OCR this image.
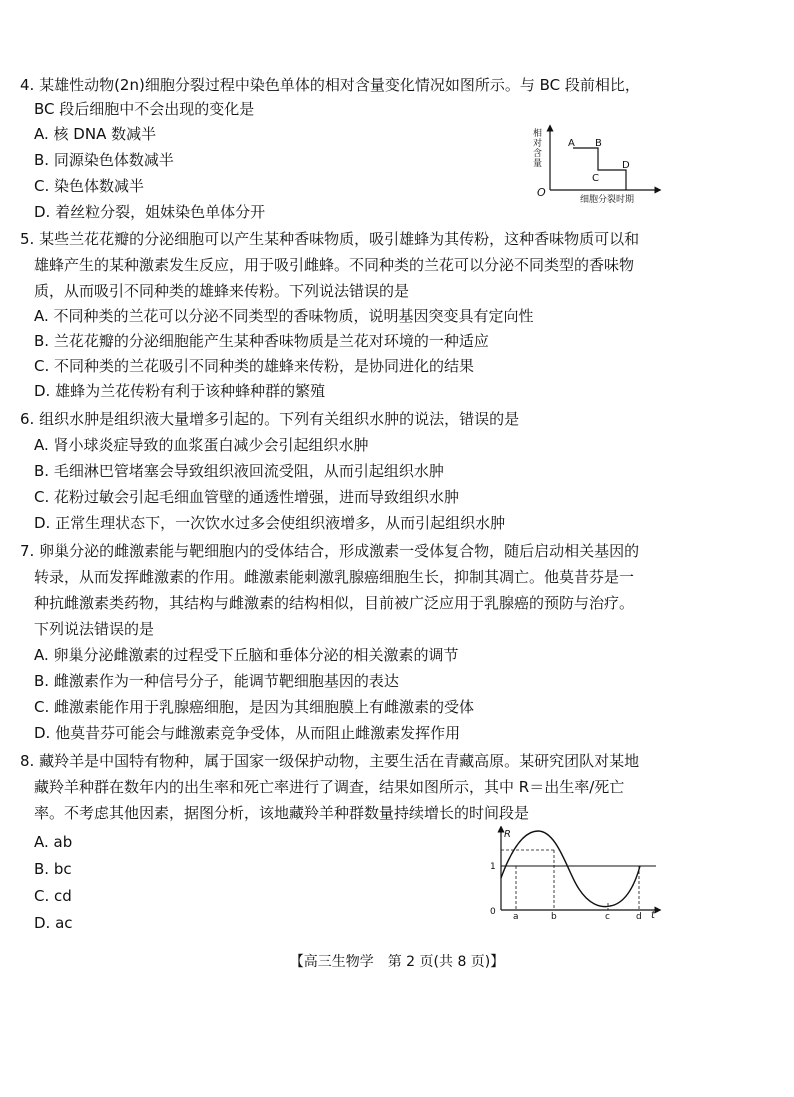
4. 某雄性动物(2n)细胞分裂过程中染色单体的相对含量变化情况如图所示。与 BC 段前相比，
BC 段后细胞中不会出现的变化是
A. 核 DNA 数减半
B. 同源染色体数减半
C. 染色体数减半
D. 着丝粒分裂，姐妹染色单体分开
相
对
含
量
O
细胞分裂时期
A B
C
D
5. 某些兰花花瓣的分泌细胞可以产生某种香味物质，吸引雄蜂为其传粉，这种香味物质可以和
雄蜂产生的某种激素发生反应，用于吸引雌蜂。不同种类的兰花可以分泌不同类型的香味物
质，从而吸引不同种类的雄蜂来传粉。下列说法错误的是
A. 不同种类的兰花可以分泌不同类型的香味物质，说明基因突变具有定向性
B. 兰花花瓣的分泌细胞能产生某种香味物质是兰花对环境的一种适应
C. 不同种类的兰花吸引不同种类的雄蜂来传粉，是协同进化的结果
D. 雄蜂为兰花传粉有利于该种蜂种群的繁殖
6. 组织水肿是组织液大量增多引起的。下列有关组织水肿的说法，错误的是
A. 肾小球炎症导致的血浆蛋白减少会引起组织水肿
B. 毛细淋巴管堵塞会导致组织液回流受阻，从而引起组织水肿
C. 花粉过敏会引起毛细血管壁的通透性增强，进而导致组织水肿
D. 正常生理状态下，一次饮水过多会使组织液增多，从而引起组织水肿
7. 卵巢分泌的雌激素能与靶细胞内的受体结合，形成激素一受体复合物，随后启动相关基因的
转录，从而发挥雌激素的作用。雌激素能刺激乳腺癌细胞生长，抑制其凋亡。他莫昔芬是一
种抗雌激素类药物，其结构与雌激素的结构相似，目前被广泛应用于乳腺癌的预防与治疗。
下列说法错误的是
A. 卵巢分泌雌激素的过程受下丘脑和垂体分泌的相关激素的调节
B. 雌激素作为一种信号分子，能调节靶细胞基因的表达
C. 雌激素能作用于乳腺癌细胞，是因为其细胞膜上有雌激素的受体
D. 他莫昔芬可能会与雌激素竞争受体，从而阻止雌激素发挥作用
8. 藏羚羊是中国特有物种，属于国家一级保护动物，主要生活在青藏高原。某研究团队对某地
藏羚羊种群在数年内的出生率和死亡率进行了调查，结果如图所示，其中 R＝出生率/死亡
率。不考虑其他因素，据图分析，该地藏羚羊种群数量持续增长的时间段是
A. ab
B. bc
C. cd
D. ac
R
t
0
1
a	b	c	d
【高三生物学　第 2 页(共 8 页)】
